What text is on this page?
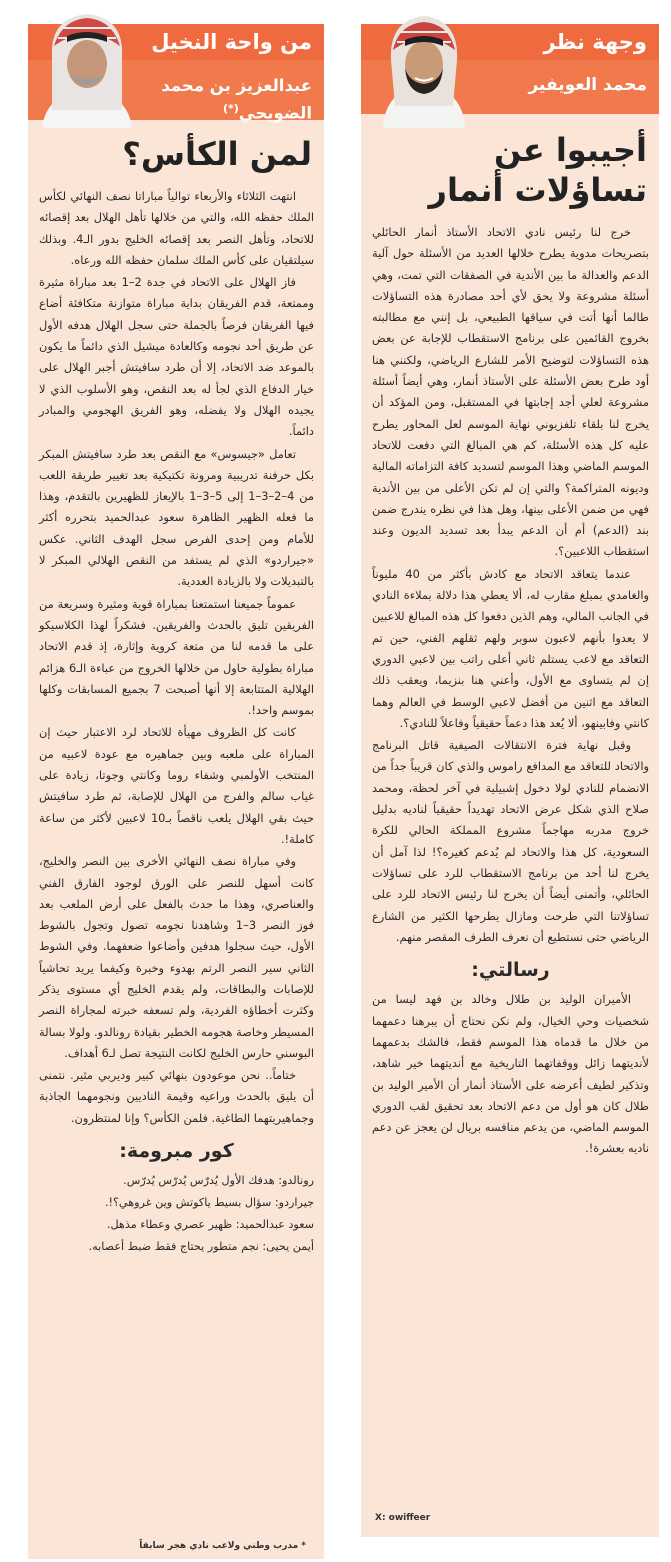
وجهة نظر
محمد العويفير
أجيبوا عن تساؤلات أنمار

خرج لنا رئيس نادي الاتحاد الأستاذ أنمار الحائلي بتصريحات مدوية يطرح خلالها العديد من الأسئلة حول آلية الدعم والعدالة ما بين الأندية في الصفقات التي تمت، وهي أسئلة مشروعة ولا يحق لأي أحد مصادرة هذه التساؤلات طالما أنها أتت في سياقها الطبيعي، بل إنني مع مطالبته بخروج القائمين على برنامج الاستقطاب للإجابة عن بعض هذه التساؤلات لتوضيح الأمر للشارع الرياضي، ولكنني هنا أود طرح بعض الأسئلة على الأستاذ أنمار، وهي أيضاً أسئلة مشروعة لعلي أجد إجابتها في المستقبل، ومن المؤكد أن يخرج لنا بلقاء تلفزيوني نهاية الموسم لعل المحاور يطرح عليه كل هذه الأسئلة، كم هي المبالغ التي دفعت للاتحاد الموسم الماضي وهذا الموسم لتسديد كافة التزاماته المالية وديونه المتراكمة؟ والتي إن لم تكن الأعلى من بين الأندية فهي من ضمن الأعلى بينها، وهل هذا في نظره يندرج ضمن بند (الدعم) أم أن الدعم يبدأ بعد تسديد الديون وعند استقطاب اللاعبين؟.

عندما يتعاقد الاتحاد مع كادش بأكثر من 40 مليوناً والغامدي بمبلغ مقارب له، ألا يعطي هذا دلالة بملاءة النادي في الجانب المالي، وهم الذين دفعوا كل هذه المبالغ للاعبين لا يعدوا بأنهم لاعبون سوبر ولهم ثقلهم الفني، حين تم التعاقد مع لاعب يستلم ثاني أعلى راتب بين لاعبي الدوري إن لم يتساوى مع الأول، وأعني هنا بنزيما، ويعقب ذلك التعاقد مع اثنين من أفضل لاعبي الوسط في العالم وهما كانتي وفابينهو، ألا يُعد هذا دعماً حقيقياً وفاعلاً للنادي؟.

وقبل نهاية فترة الانتقالات الصيفية قاتل البرنامج والاتحاد للتعاقد مع المدافع راموس والذي كان قريباً جداً من الانضمام للنادي لولا دخول إشبيلية في آخر لحظة، ومحمد صلاح الذي شكل عرض الاتحاد تهديداً حقيقياً لناديه بدليل خروج مدربه مهاجماً مشروع المملكة الحالي للكرة السعودية، كل هذا والاتحاد لم يُدعم كغيره؟! لذا آمل أن يخرج لنا أحد من برنامج الاستقطاب للرد على تساؤلات الحائلي، وأتمنى أيضاً أن يخرج لنا رئيس الاتحاد للرد على تساؤلاتنا التي طرحت ومازال يطرحها الكثير من الشارع الرياضي حتى نستطيع أن نعرف الطرف المقصر منهم.

رسالتي:

الأميران الوليد بن طلال وخالد بن فهد ليسا من شخصيات وحي الخيال، ولم نكن نحتاج أن يبرهنا دعمهما من خلال ما قدماه هذا الموسم فقط، فالشك بدعمهما لأنديتهما زائل ووقفاتهما التاريخية مع أنديتهما خير شاهد، وتذكير لطيف أعرضه على الأستاذ أنمار أن الأمير الوليد بن طلال كان هو أول من دعم الاتحاد بعد تحقيق لقب الدوري الموسم الماضي، من يدعم منافسه بريال لن يعجز عن دعم ناديه بعشرة!.

X: owiffeer
من واحة النخيل
عبدالعزيز بن محمد
الضويحي(*)
لمن الكأس؟

انتهت الثلاثاء والأربعاء توالياً مباراتا نصف النهائي لكأس الملك حفظه الله، والتي من خلالها تأهل الهلال بعد إقصائه للاتحاد، وتأهل النصر بعد إقصائه الخليج بدور الـ4. وبذلك سيلتقيان على كأس الملك سلمان حفظه الله ورعاه.

فاز الهلال على الاتحاد في جدة 2–1 بعد مباراة مثيرة وممتعة، قدم الفريقان بداية مباراة متوازنة متكافئة أضاع فيها الفريقان فرصاً بالجملة حتى سجل الهلال هدفه الأول عن طريق أحد نجومه وكالعادة ميشيل الذي دائماً ما يكون بالموعد ضد الاتحاد، إلا أن طرد سافيتش أجبر الهلال على خيار الدفاع الذي لجأ له بعد النقص، وهو الأسلوب الذي لا يجيده الهلال ولا يفضله، وهو الفريق الهجومي والمبادر دائماً.

تعامل «جيسوس» مع النقص بعد طرد سافيتش المبكر بكل حرفنة تدريبية ومرونة تكتيكية بعد تغيير طريقة اللعب من 4–2–3–1 إلى 5–3–1 بالإيعاز للظهيرين بالتقدم، وهذا ما فعله الظهير الظاهرة سعود عبدالحميد بتحرره أكثر للأمام ومن إحدى الفرص سجل الهدف الثاني. عكس «جيراردو» الذي لم يستفد من النقص الهلالي المبكر لا بالتبديلات ولا بالزيادة العددية.

عموماً جميعنا استمتعنا بمباراة قوية ومثيرة وسريعة من الفريقين تليق بالحدث والفريقين. فشكراً لهذا الكلاسيكو على ما قدمه لنا من متعة كروية وإثارة، إذ قدم الاتحاد مباراة بطولية حاول من خلالها الخروج من عباءة الـ6 هزائم الهلالية المتتابعة إلا أنها أصبحت 7 بجميع المسابقات وكلها بموسم واحد!.

كانت كل الظروف مهيأة للاتحاد لرد الاعتبار حيث إن المباراة على ملعبه وبين جماهيره مع عودة لاعبيه من المنتخب الأولمبي وشفاء روما وكانتي وجوتا، زيادة على غياب سالم والفرج من الهلال للإصابة، ثم طرد سافيتش حيث بقي الهلال يلعب ناقصاً بـ10 لاعبين لأكثر من ساعة كاملة!.

وفي مباراة نصف النهائي الأخرى بين النصر والخليج، كانت أسهل للنصر على الورق لوجود الفارق الفني والعناصري، وهذا ما حدث بالفعل على أرض الملعب بعد فوز النصر 3–1 وشاهدنا نجومه تصول وتجول بالشوط الأول، حيث سجلوا هدفين وأضاعوا ضعفهما. وفي الشوط الثاني سير النصر الرتم بهدوء وخبرة وكيفما يريد تحاشياً للإصابات والبطاقات، ولم يقدم الخليج أي مستوى يذكر وكثرت أخطاؤه الفردية، ولم تسعفه خبرته لمجاراة النصر المسيطر وخاصة هجومه الخطير بقيادة رونالدو. ولولا بسالة البوسني حارس الخليج لكانت النتيجة تصل لـ6 أهداف.

ختاماً.. نحن موعودون بنهائي كبير وديربي مثير. نتمنى أن يليق بالحدث وراعيه وقيمة الناديين ونجومهما الجاذبة وجماهيريتهما الطاغية. فلمن الكأس؟ وإنا لمنتظرون.

كور مبرومة:

رونالدو: هدفك الأول يُدرّس يُدرّس يُدرّس.

جيراردو: سؤال بسيط ياكوتش وين غروهي؟!.

سعود عبدالحميد: ظهير عصري وعطاء مذهل.

أيمن يحيى: نجم متطور يحتاج فقط ضبط أعصابه.

* مدرب وطني ولاعب نادي هجر سابقاً
